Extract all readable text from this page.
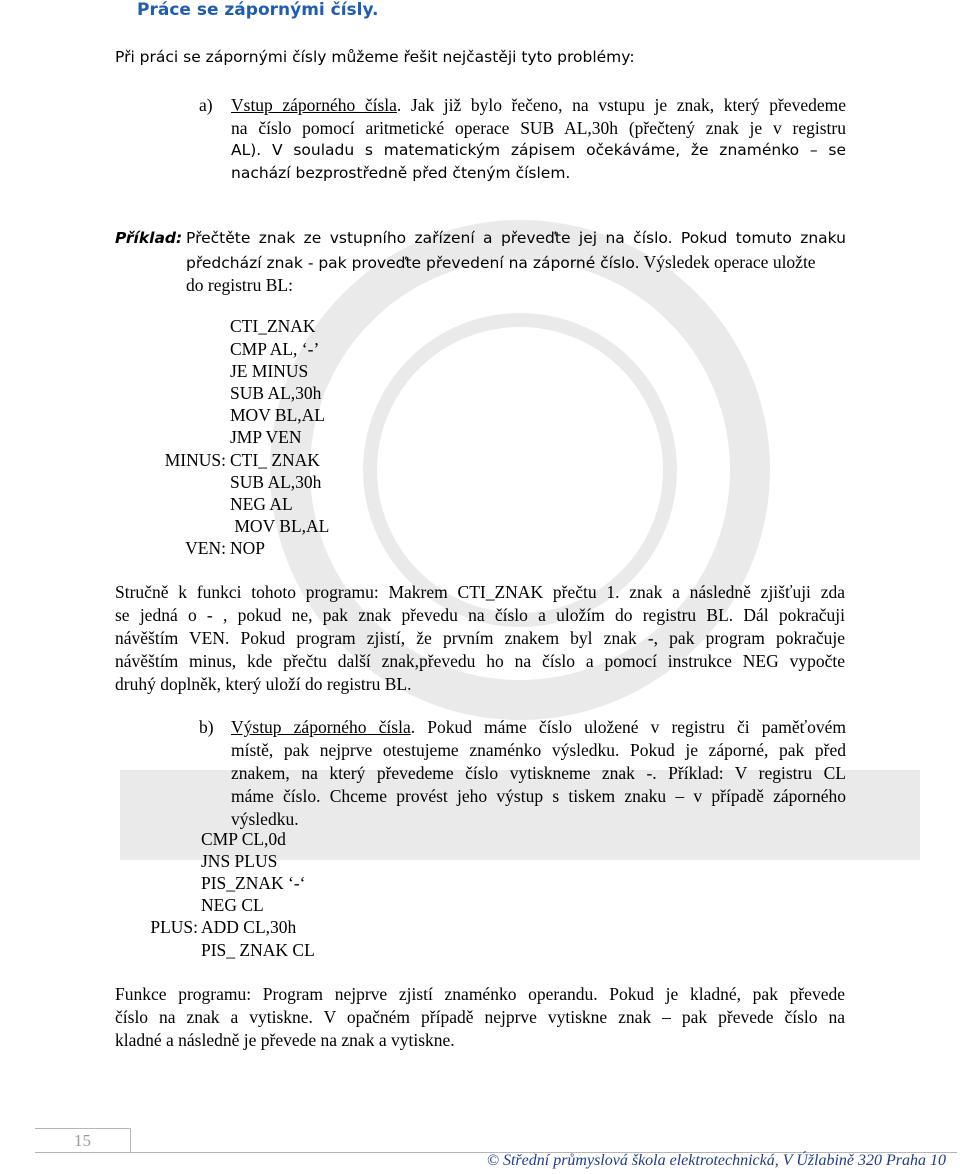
Práce se zápornými čísly.

Při práci se zápornými čísly můžeme řešit nejčastěji tyto problémy:

a) Vstup záporného čísla. Jak již bylo řečeno, na vstupu je znak, který převedeme
na číslo pomocí aritmetické operace SUB AL,30h (přečtený znak je v registru
AL). V souladu s matematickým zápisem očekáváme, že znaménko – se
nachází bezprostředně před čteným číslem.
Příklad: Přečtěte znak ze vstupního zařízení a převeďte jej na číslo. Pokud tomuto znaku
předchází znak - pak proveďte převedení na záporné číslo. Výsledek operace uložte
do registru BL:
CTI_ZNAK
CMP AL, ‘-’
JE MINUS
SUB AL,30h
MOV BL,AL
JMP VEN
MINUS: CTI_ ZNAK
SUB AL,30h
NEG AL
MOV BL,AL
VEN: NOP
Stručně k funkci tohoto programu: Makrem CTI_ZNAK přečtu 1. znak a následně zjišťuji zda
se jedná o - , pokud ne, pak znak převedu na číslo a uložím do registru BL. Dál pokračuji
návěštím VEN. Pokud program zjistí, že prvním znakem byl znak -, pak program pokračuje
návěštím minus, kde přečtu další znak,převedu ho na číslo a pomocí instrukce NEG vypočte
druhý doplněk, který uloží do registru BL.
b) Výstup záporného čísla. Pokud máme číslo uložené v registru či paměťovém
místě, pak nejprve otestujeme znaménko výsledku. Pokud je záporné, pak před
znakem, na který převedeme číslo vytiskneme znak -. Příklad: V registru CL
máme číslo. Chceme provést jeho výstup s tiskem znaku – v případě záporného
výsledku.
CMP CL,0d
JNS PLUS
PIS_ZNAK ‘-‘
NEG CL
PLUS: ADD CL,30h
PIS_ ZNAK CL
Funkce programu: Program nejprve zjistí znaménko operandu. Pokud je kladné, pak převede
číslo na znak a vytiskne. V opačném případě nejprve vytiskne znak – pak převede číslo na
kladné a následně je převede na znak a vytiskne.
15
© Střední průmyslová škola elektrotechnická, V Úžlabině 320 Praha 10
